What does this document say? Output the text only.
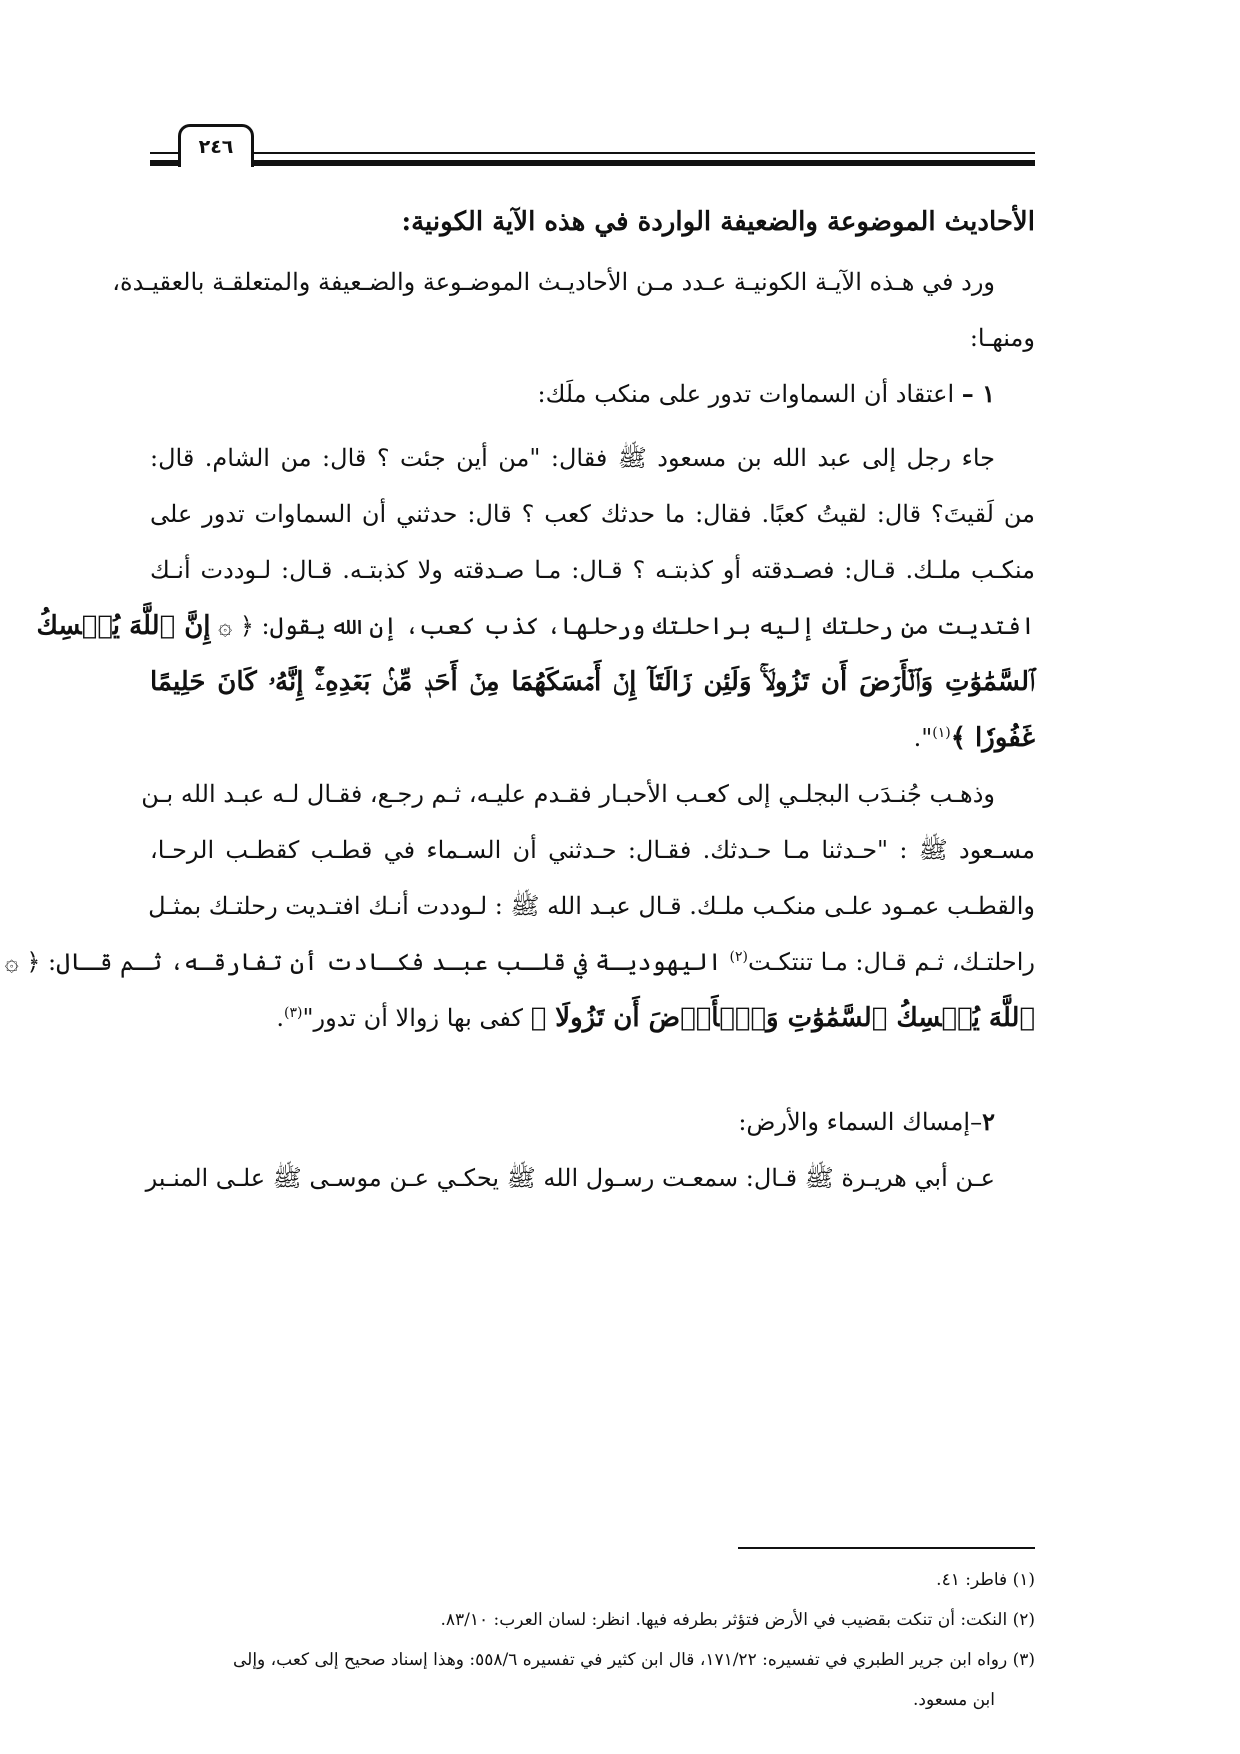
٢٤٦
الأحاديث الموضوعة والضعيفة الواردة في هذه الآية الكونية:
ورد في هـذه الآيـة الكونيـة عـدد مـن الأحاديـث الموضـوعة والضـعيفة والمتعلقـة بالعقيـدة،
ومنهـا:
١ – اعتقاد أن السماوات تدور على منكب ملَك:
جاء رجل إلى عبد الله بن مسعود ﷺ فقال: "من أين جئت ؟ قال: من الشام. قال:
من لَقيتَ؟ قال: لقيتُ كعبًا. فقال: ما حدثك كعب ؟ قال: حدثني أن السماوات تدور على
منكـب ملـك. قـال: فصـدقته أو كذبتـه ؟ قـال: مـا صـدقته ولا كذبتـه. قـال: لـوددت أنـك
افتديت من رحلتك إليه براحلتك ورحلها، كذب كعب، إن الله يقول: ﴿ ۞ إِنَّ ٱللَّهَ يُمۡسِكُ
ٱلسَّمَٰوَٰتِ وَٱلۡأَرۡضَ أَن تَزُولَاۚ وَلَئِن زَالَتَآ إِنۡ أَمۡسَكَهُمَا مِنۡ أَحَدٖ مِّنۢ بَعۡدِهِۦٓۚ إِنَّهُۥ كَانَ حَلِيمًا
غَفُورٗا ﴾$^{(١)}$".
وذهـب جُنـدَب البجلـي إلى كعـب الأحبـار فقـدم عليـه، ثـم رجـع، فقـال لـه عبـد الله بـن
مسـعود ﷺ : "حـدثنا مـا حـدثك. فقـال: حـدثني أن السـماء في قطـب كقطـب الرحـا،
والقطـب عمـود علـى منكـب ملـك. قـال عبـد الله ﷺ : لـوددت أنـك افتـديت رحلتـك بمثـل
راحلتـك، ثـم قـال: مـا تنتكـت$^{(٢)}$ اليهوديـة في قلـب عبـد فكـادت أن تفارقـه، ثـم قـال: ﴿ ۞
ٱللَّهَ يُمۡسِكُ ٱلسَّمَٰوَٰتِ وَٱلۡأَرۡضَ أَن تَزُولَا ﴾ كفى بها زوالا أن تدور"$^{(٣)}$.
٢–إمساك السماء والأرض:
عـن أبي هريـرة ﷺ قـال: سمعـت رسـول الله ﷺ يحكـي عـن موسـى ﷺ علـى المنـبر
(١) فاطر: ٤١.
(٢) النكت: أن تنكت بقضيب في الأرض فتؤثر بطرفه فيها. انظر: لسان العرب: ٨٣/١٠.
(٣) رواه ابن جرير الطبري في تفسيره: ١٧١/٢٢، قال ابن كثير في تفسيره ٥٥٨/٦: وهذا إسناد صحيح إلى كعب، وإلى
ابن مسعود.
